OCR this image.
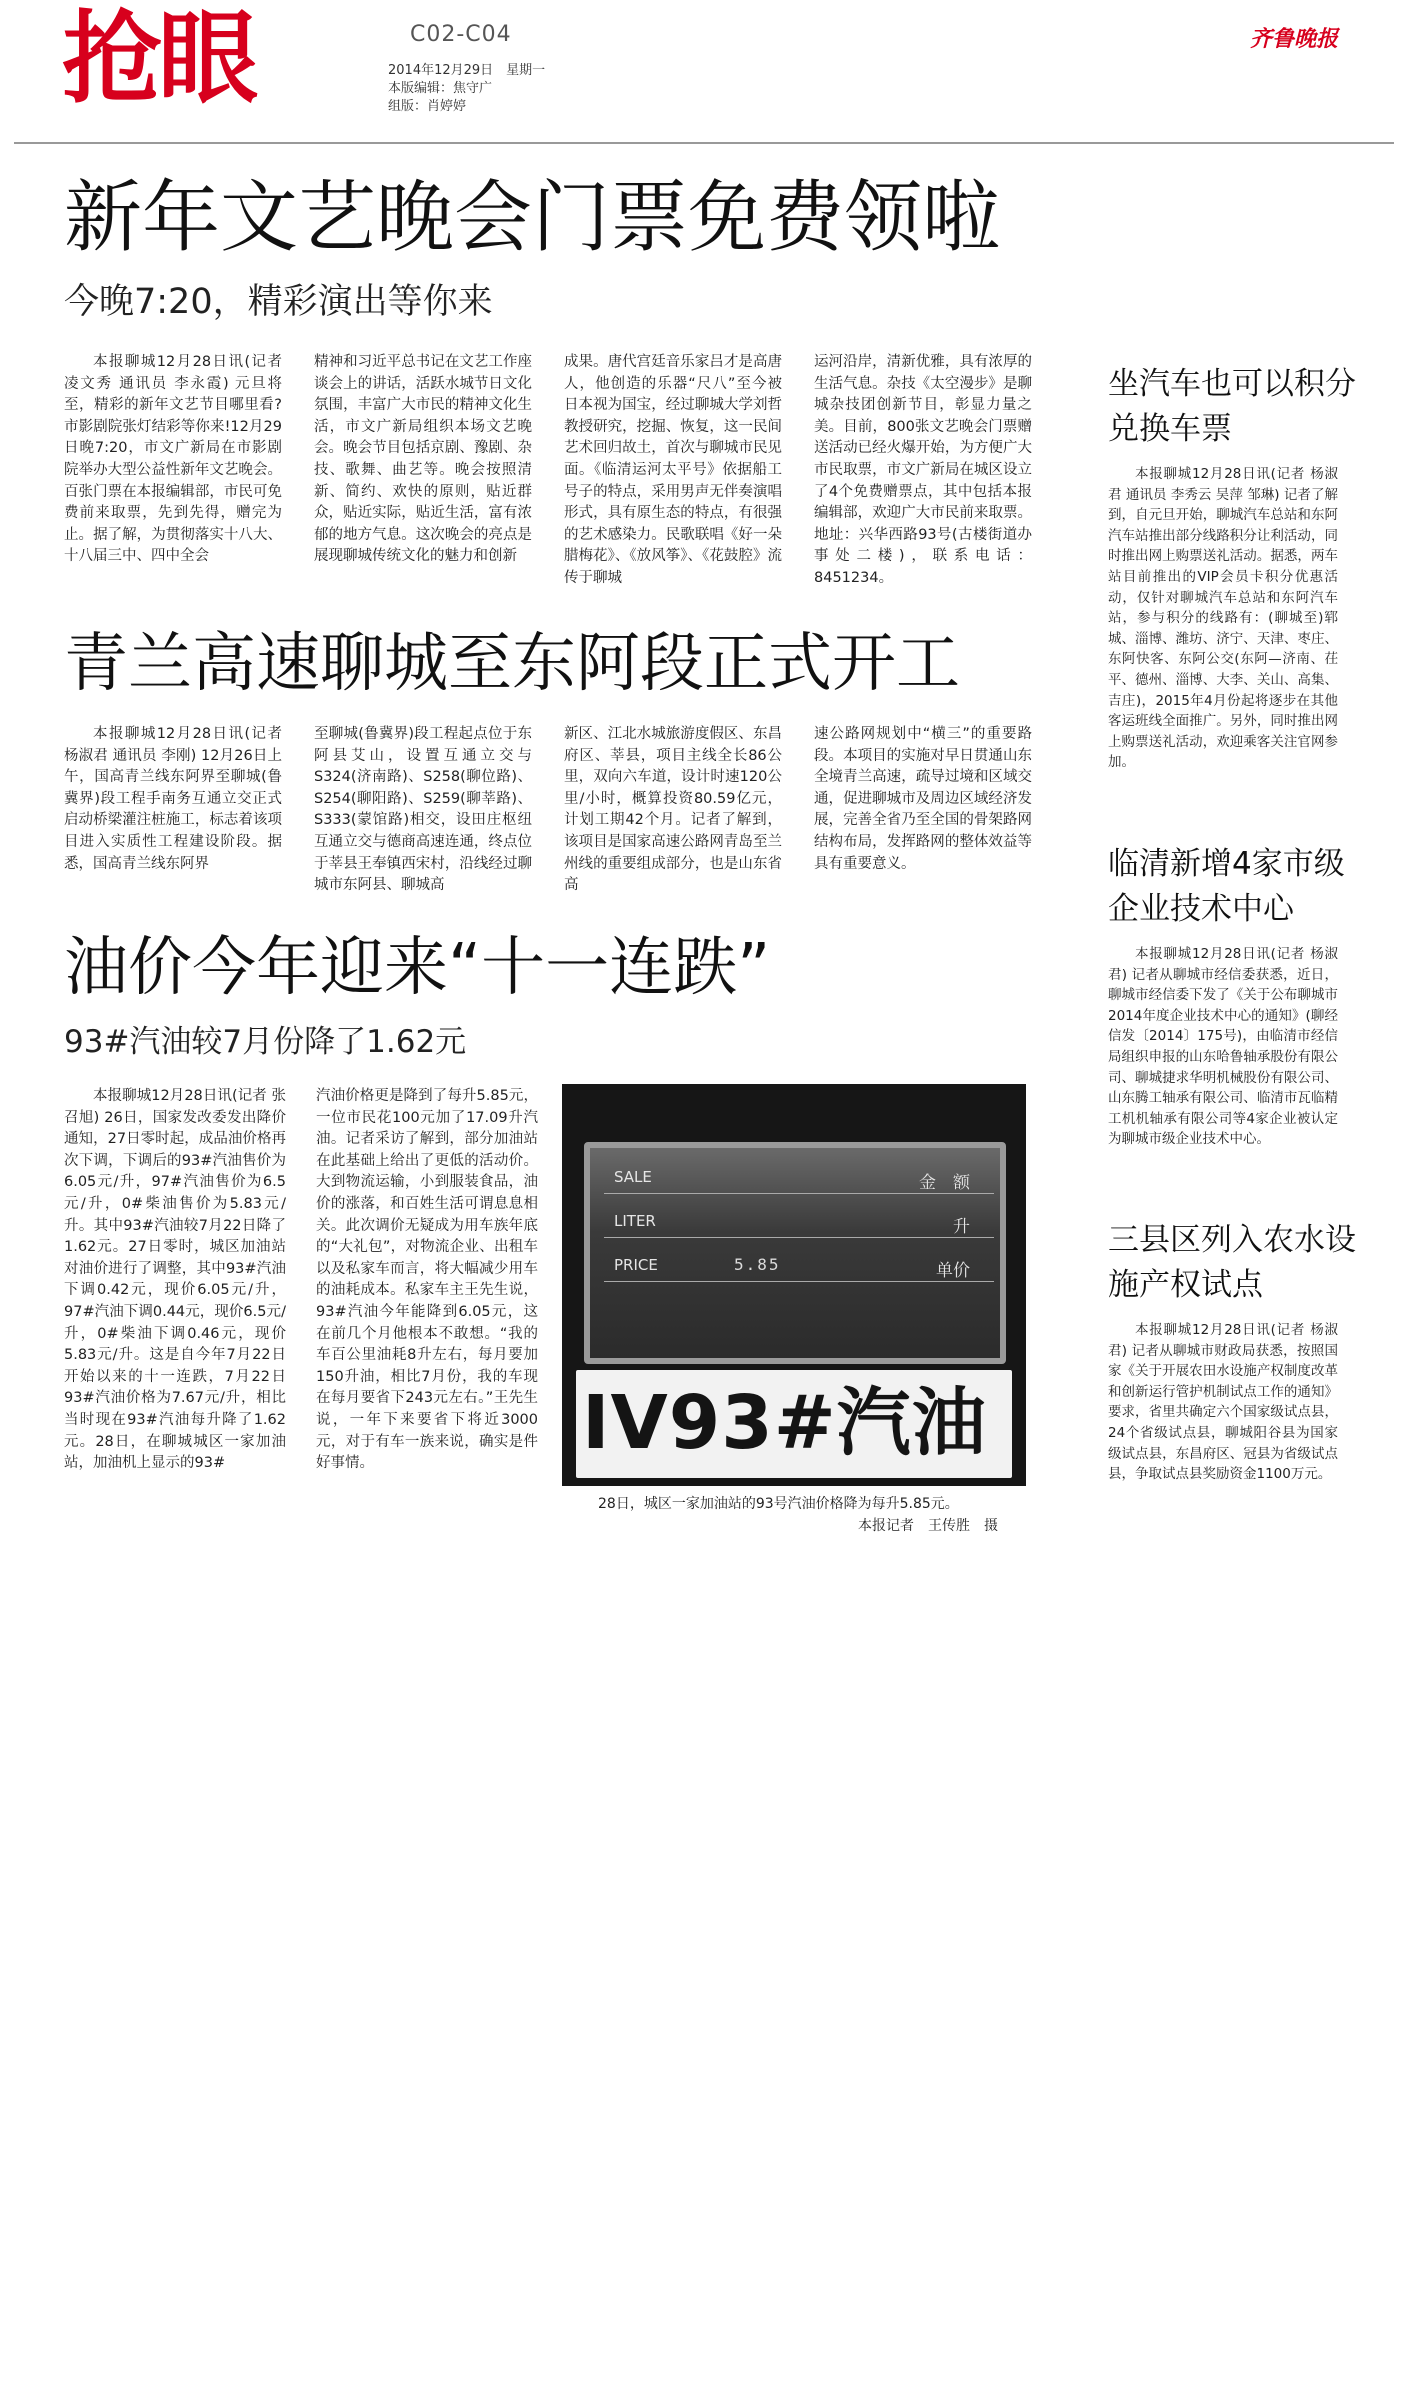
抢眼	C02-C04
2014年12月29日　星期一
本版编辑：焦守广
组版：肖婷婷
齐鲁晚报
新年文艺晚会门票免费领啦
今晚7:20，精彩演出等你来

本报聊城12月28日讯(记者 凌文秀 通讯员 李永霞) 元旦将至，精彩的新年文艺节目哪里看?市影剧院张灯结彩等你来!12月29日晚7:20，市文广新局在市影剧院举办大型公益性新年文艺晚会。百张门票在本报编辑部，市民可免费前来取票，先到先得，赠完为止。据了解，为贯彻落实十八大、十八届三中、四中全会

精神和习近平总书记在文艺工作座谈会上的讲话，活跃水城节日文化氛围，丰富广大市民的精神文化生活，市文广新局组织本场文艺晚会。晚会节目包括京剧、豫剧、杂技、歌舞、曲艺等。晚会按照清新、简约、欢快的原则，贴近群众，贴近实际，贴近生活，富有浓郁的地方气息。这次晚会的亮点是展现聊城传统文化的魅力和创新

成果。唐代宫廷音乐家吕才是高唐人，他创造的乐器“尺八”至今被日本视为国宝，经过聊城大学刘哲教授研究，挖掘、恢复，这一民间艺术回归故土，首次与聊城市民见面。《临清运河太平号》依据船工号子的特点，采用男声无伴奏演唱形式，具有原生态的特点，有很强的艺术感染力。民歌联唱《好一朵腊梅花》、《放风筝》、《花鼓腔》流传于聊城

运河沿岸，清新优雅，具有浓厚的生活气息。杂技《太空漫步》是聊城杂技团创新节目，彰显力量之美。目前，800张文艺晚会门票赠送活动已经火爆开始，为方便广大市民取票，市文广新局在城区设立了4个免费赠票点，其中包括本报编辑部，欢迎广大市民前来取票。地址：兴华西路93号(古楼街道办事处二楼)，联系电话：8451234。

青兰高速聊城至东阿段正式开工

本报聊城12月28日讯(记者 杨淑君 通讯员 李刚) 12月26日上午，国高青兰线东阿界至聊城(鲁冀界)段工程手南务互通立交正式启动桥梁灌注桩施工，标志着该项目进入实质性工程建设阶段。据悉，国高青兰线东阿界

至聊城(鲁冀界)段工程起点位于东阿县艾山，设置互通立交与S324(济南路)、S258(聊位路)、S254(聊阳路)、S259(聊莘路)、S333(蒙馆路)相交，设田庄枢纽互通立交与德商高速连通，终点位于莘县王奉镇西宋村，沿线经过聊城市东阿县、聊城高

新区、江北水城旅游度假区、东昌府区、莘县，项目主线全长86公里，双向六车道，设计时速120公里/小时，概算投资80.59亿元，计划工期42个月。记者了解到，该项目是国家高速公路网青岛至兰州线的重要组成部分，也是山东省高

速公路网规划中“横三”的重要路段。本项目的实施对早日贯通山东全境青兰高速，疏导过境和区域交通，促进聊城市及周边区域经济发展，完善全省乃至全国的骨架路网结构布局，发挥路网的整体效益等具有重要意义。

油价今年迎来“十一连跌”
93#汽油较7月份降了1.62元

本报聊城12月28日讯(记者 张召旭) 26日，国家发改委发出降价通知，27日零时起，成品油价格再次下调，下调后的93#汽油售价为6.05元/升，97#汽油售价为6.5元/升，0#柴油售价为5.83元/升。其中93#汽油较7月22日降了1.62元。27日零时，城区加油站对油价进行了调整，其中93#汽油下调0.42元，现价6.05元/升，97#汽油下调0.44元，现价6.5元/升，0#柴油下调0.46元，现价5.83元/升。这是自今年7月22日开始以来的十一连跌，7月22日93#汽油价格为7.67元/升，相比当时现在93#汽油每升降了1.62元。28日，在聊城城区一家加油站，加油机上显示的93#

汽油价格更是降到了每升5.85元，一位市民花100元加了17.09升汽油。记者采访了解到，部分加油站在此基础上给出了更低的活动价。大到物流运输，小到服装食品，油价的涨落，和百姓生活可谓息息相关。此次调价无疑成为用车族年底的“大礼包”，对物流企业、出租车以及私家车而言，将大幅减少用车的油耗成本。私家车主王先生说，93#汽油今年能降到6.05元，这在前几个月他根本不敢想。“我的车百公里油耗8升左右，每月要加150升油，相比7月份，我的车现在每月要省下243元左右。”王先生说，一年下来要省下将近3000元，对于有车一族来说，确实是件好事情。

SALE	金　额
LITER	升
PRICE	5.85	单价
IV93#汽油
28日，城区一家加油站的93号汽油价格降为每升5.85元。
本报记者　王传胜　摄
坐汽车也可以积分兑换车票

本报聊城12月28日讯(记者 杨淑君 通讯员 李秀云 吴萍 邹琳) 记者了解到，自元旦开始，聊城汽车总站和东阿汽车站推出部分线路积分让利活动，同时推出网上购票送礼活动。据悉，两车站目前推出的VIP会员卡积分优惠活动，仅针对聊城汽车总站和东阿汽车站，参与积分的线路有：(聊城至)郓城、淄博、潍坊、济宁、天津、枣庄、东阿快客、东阿公交(东阿—济南、茌平、德州、淄博、大李、关山、高集、吉庄)，2015年4月份起将逐步在其他客运班线全面推广。另外，同时推出网上购票送礼活动，欢迎乘客关注官网参加。

临清新增4家市级企业技术中心

本报聊城12月28日讯(记者 杨淑君) 记者从聊城市经信委获悉，近日，聊城市经信委下发了《关于公布聊城市2014年度企业技术中心的通知》(聊经信发〔2014〕175号)，由临清市经信局组织申报的山东哈鲁轴承股份有限公司、聊城捷求华明机械股份有限公司、山东腾工轴承有限公司、临清市瓦临精工机机轴承有限公司等4家企业被认定为聊城市级企业技术中心。

三县区列入农水设施产权试点

本报聊城12月28日讯(记者 杨淑君) 记者从聊城市财政局获悉，按照国家《关于开展农田水设施产权制度改革和创新运行管护机制试点工作的通知》要求，省里共确定六个国家级试点县，24个省级试点县，聊城阳谷县为国家级试点县，东昌府区、冠县为省级试点县，争取试点县奖励资金1100万元。
